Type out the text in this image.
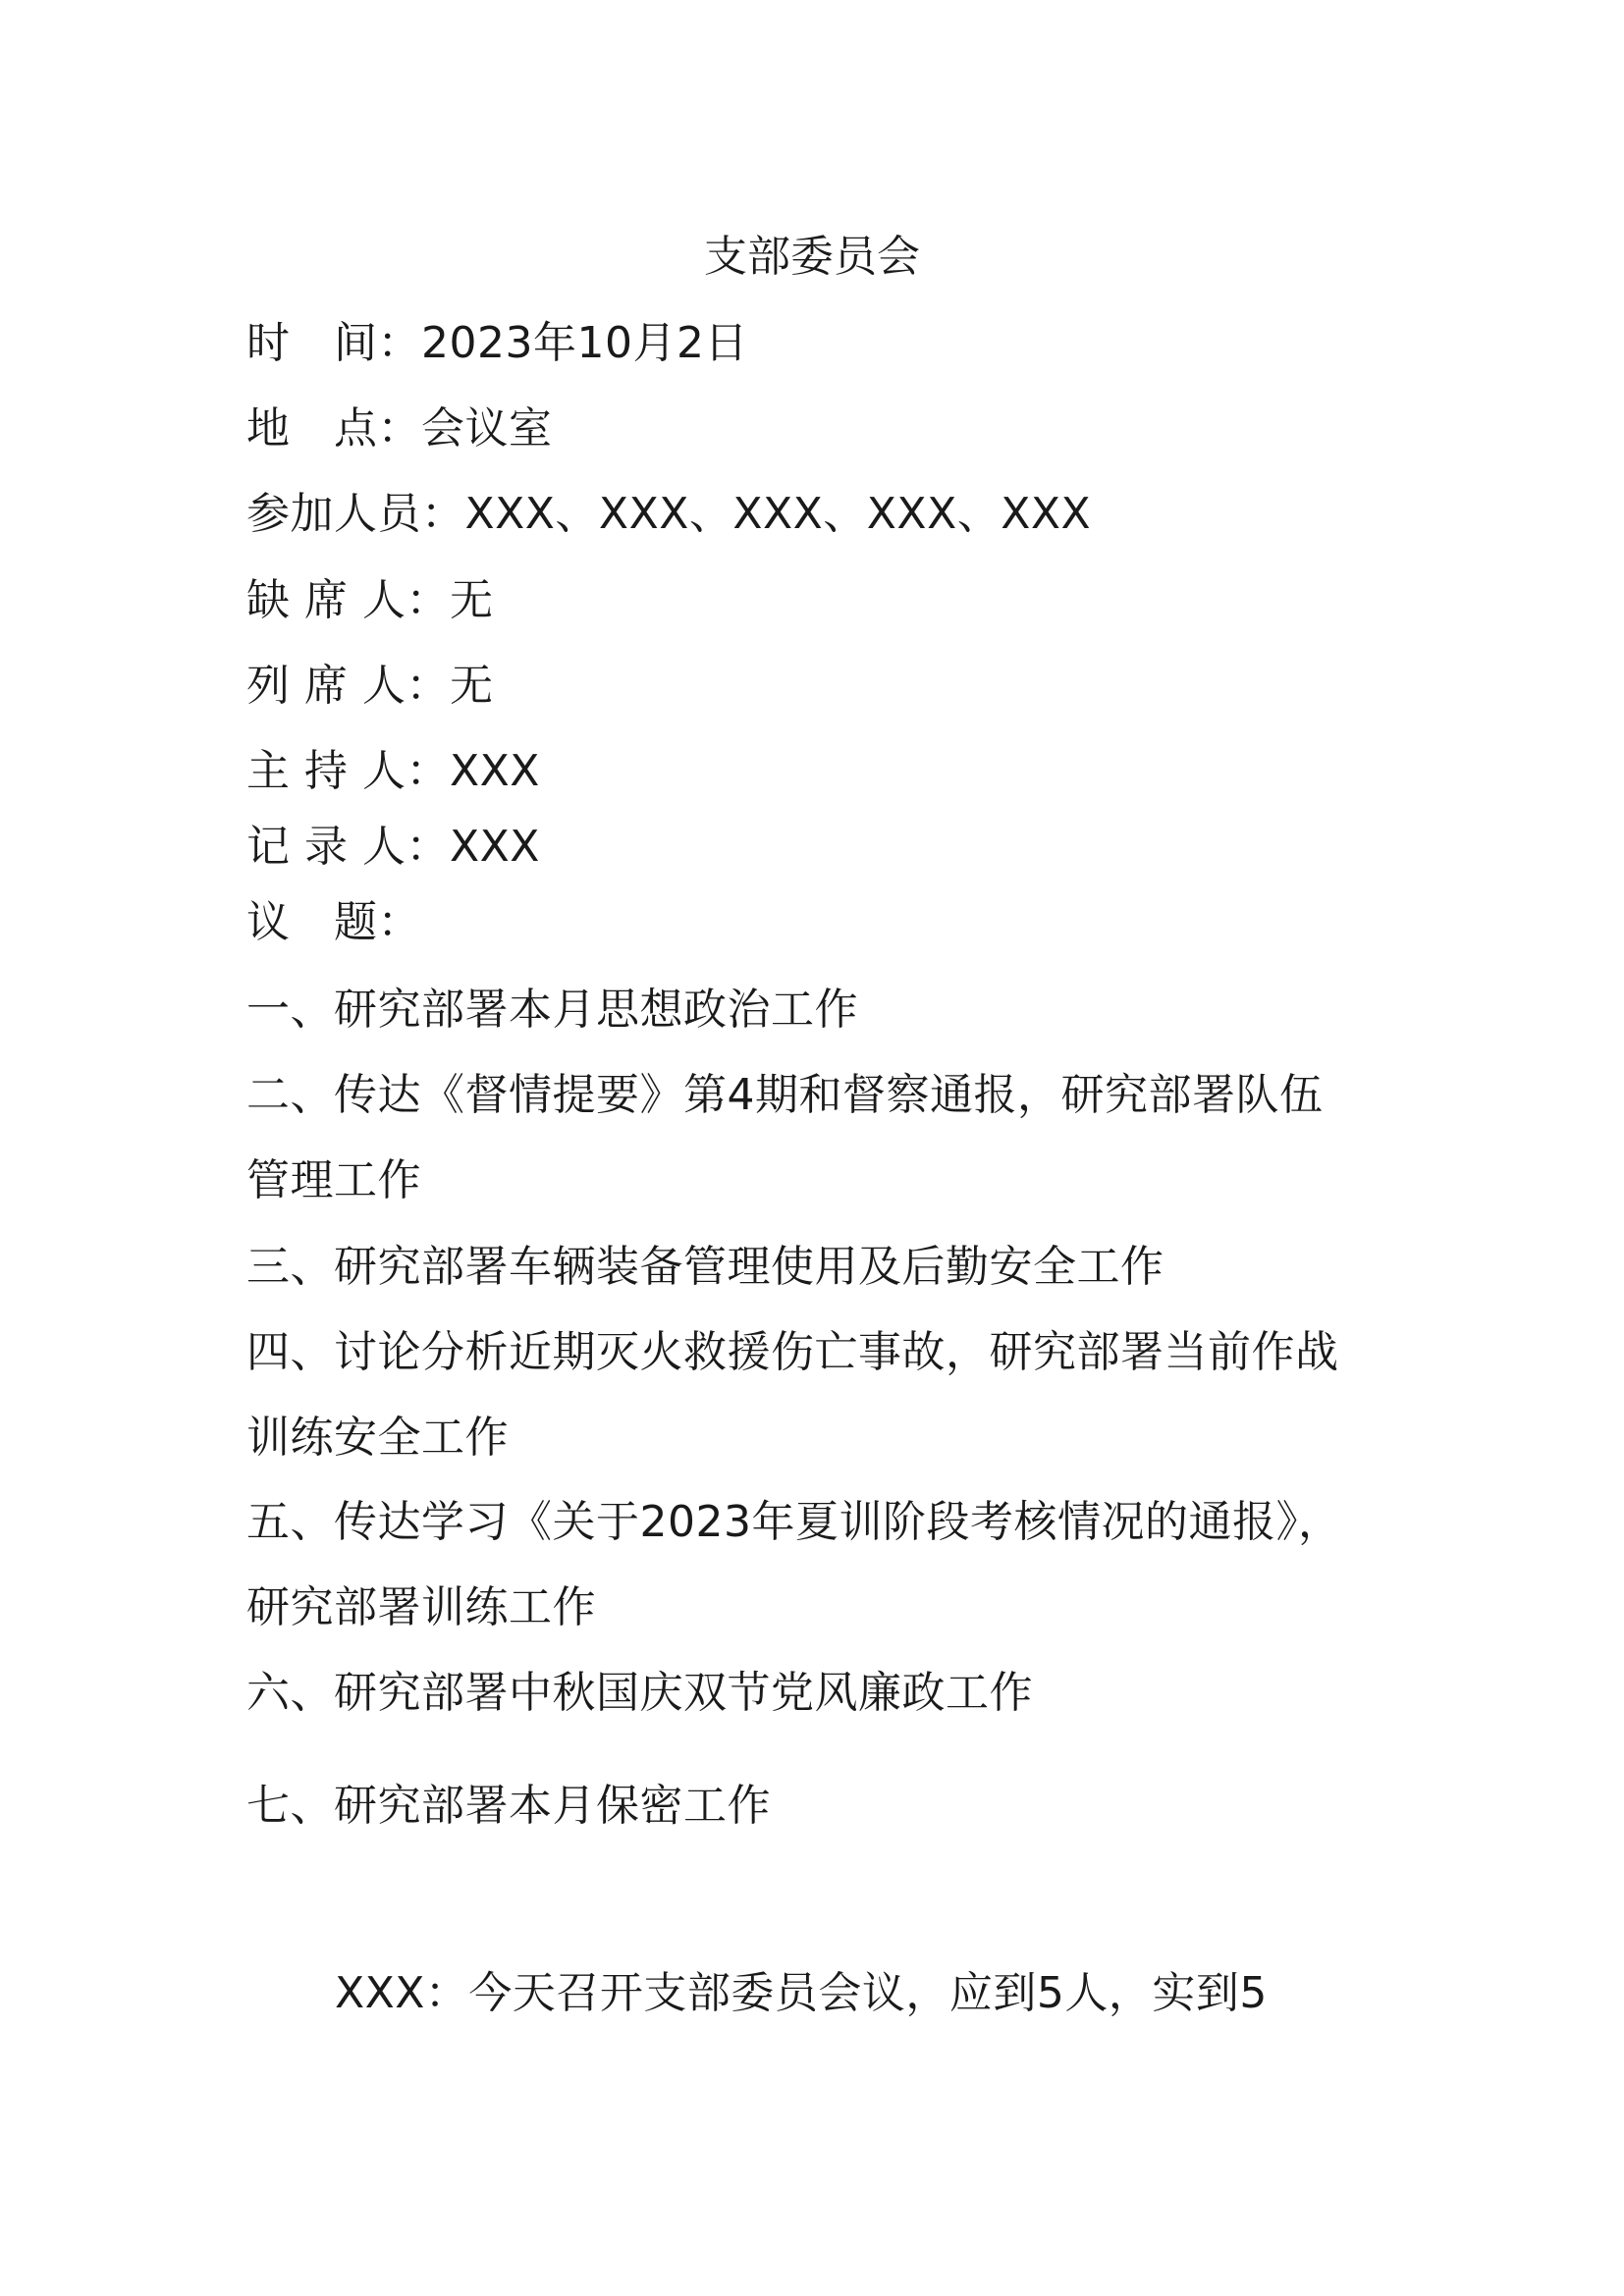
支部委员会
时　间：2023年10月2日
地　点：会议室
参加人员：XXX、XXX、XXX、XXX、XXX
缺 席 人：无
列 席 人：无
主 持 人：XXX
记 录 人：XXX
议　题：
一、研究部署本月思想政治工作
二、传达《督情提要》第4期和督察通报，研究部署队伍
管理工作
三、研究部署车辆装备管理使用及后勤安全工作
四、讨论分析近期灭火救援伤亡事故，研究部署当前作战
训练安全工作
五、传达学习《关于2023年夏训阶段考核情况的通报》，
研究部署训练工作
六、研究部署中秋国庆双节党风廉政工作
七、研究部署本月保密工作
XXX：今天召开支部委员会议，应到5人，实到5
